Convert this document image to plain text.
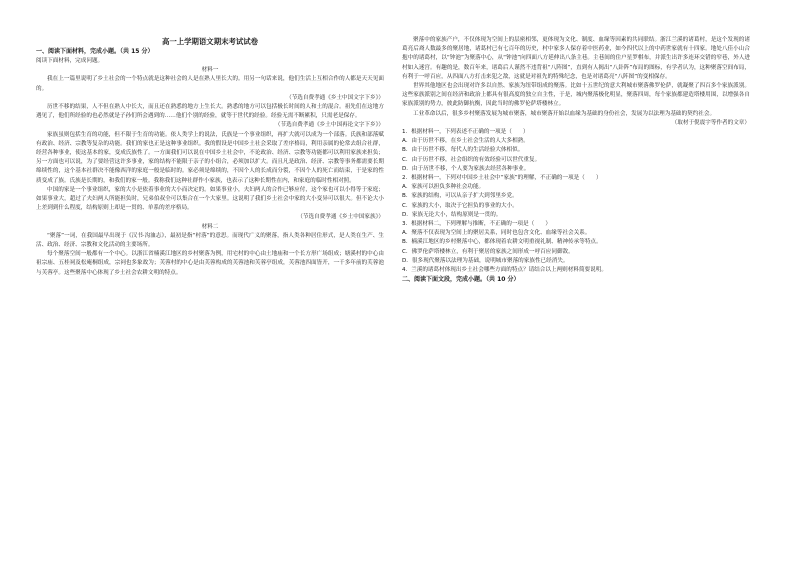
高一上学期语文期末考试试卷
一、阅读下面材料，完成小题。（共 15 分）

阅读下面材料，完成问题。

材料一

我在上一篇里说明了乡土社会的一个特点就是这种社会的人是在熟人里长大的。用另一句话来说，他们生活上互相合作的人都是天天见面的。

（节选自费孝通《乡土中国文字下乡》）

历世不移的结果，人不但在熟人中长大，而且还在熟悉的地方上生长大。熟悉的地方可以包括极长时间的人和土的混合。祖先们在这地方遇见了，他们所经验的也必然就是子孙们所会遇到的……他们个别的经验，就等于世代的经验。经验无需不断累积，只需老是保存。

（节选自费孝通《乡土中国再论文字下乡》）

家族虽则包括生育的功能，但不限于生育的功能。依人类学上的说法，氏族是一个事业组织，再扩大就可以成为一个部落。氏族和部落赋有政治、经济、宗教等复杂的功能。我们的家也正是这种事业组织。我的假设是中国乡土社会采取了差序格局，利用亲属的伦常去组合社群，经营各种事业，使这基本的家，变成氏族性了。一方面我们可以说在中国乡土社会中，不论政治、经济、宗教等功能都可以利用家族来担负；另一方面也可以说，为了要经营这许多事业，家的结构不能限于亲子的小组合，必须加以扩大。而且凡是政治、经济、宗教等事务都需要长期绵续性的，这个基本社群决不能像西洋的家庭一般是临时的。家必须是绵续的，不因个人的长成而分裂，不因个人的死亡而结束，于是家的性质变成了族。氏族是长期的，和我们的家一般。我称我们这种社群作小家族，也表示了这种长期性在内，和家庭的临时性相对照。

中国的家是一个事业组织，家的大小是依着事业的大小而决定的。如果事业小，夫妇两人的合作已够应付，这个家也可以小得等于家庭；如果事业大，超过了夫妇两人所能担负时，兄弟伯叔全可以集合在一个大家里。这说明了我们乡土社会中家的大小变异可以很大。但不论大小上差到到什么程度，结构原则上却是一贯的、单系的差序格局。

（节选自费孝通《乡土中国家族》）

材料二

“聚落”一词，在我国最早出现于《汉书·沟洫志》，最初是指“村落”的意思。而现代广义的聚落，指人类各种居住形式，是人类在生产、生活、政治、经济、宗教和文化活动的主要场所。

每个聚落空间一般都有一个中心。以浙江省楠溪江地区的乡村聚落为例，用宅村的中心由土地庙和一个长方形广场组成；塘溪村的中心由祖宗庙、五桂祠及松庵桐组成，宗祠也多象故为；芙蓉村的中心是由芙蓉构成的芙蓉池和芙蓉亭组成，芙蓉池四面皆开，一千多年前的芙蓉池与芙蓉亭。这些聚落中心体现了乡土社会农耕文明的特点。

聚落中的家族产户，不仅体现为空间上的层密相邻，更体现为文化、制度、血缘等因素的共同联结。浙江兰溪的诸葛村，是这个发现的诸葛亮后裔人数最多的聚居地，诸葛村已有七百年的历史，村中家多人保存着中医药业，如今四代以上的中药世家就有十四家。地处八佳小山合抱中的诸葛村，以“钟池”为聚落中心，从“钟池”向四面八方延伸出八条主巷。主巷间的住户星罗棋布，并派生出许多连环交错的窄巷，外人进村如入迷宫。有趣的是，数百年来，诸葛后人谨然不违背祖“八阵图”，直到有人揭出“八卦阵”布局的图标，有学者认为，这种聚落空间布局，有利于一呼百应，从四面八方打击来犯之敌，这就是对祖先的特殊纪念，也是对诸葛亮“八阵图”的变相保存。

世界其他地区也会出现对许多以自然、家族为纽带组成的聚落。比如十五世纪的意大利城市聚落佛罗伦萨，就凝聚了四百多个家族派别。这些家族派别之间在经济和政治上都具有很高度的独立自主性，于是，城内聚落极化明显，聚落四周，每个家族都建造塔楼用围，以增强各自家族派别的势力，彼此防御抗衡，因此当时的佛罗伦萨塔楼林立。

工业革命以后，很多乡村聚落发展为城市聚落，城市聚落开始以血缘为基础的身份社会，发展为以法理为基础的契约社会。

（取材于倪震宇等作者的文章）

1．根据材料一，下列表述不正确的一项是（　　）

A．由于历世不移，在乡土社会生活的人大多相熟。

B．由于历世不移，每代人的生活经验大体相似。

C．由于历世不移，社会组织的有效经验可以世代重复。

D．由于历世不移，个人要为家族去经营各种事业。

2．根据材料一，下列对中国乡土社会中“家族”的理解，不正确的一项是（　　）

A．家族可以担负多种社会功能。

B．家族的结构，可以从亲子扩大到邻里乡党。

C．家族的大小，取决于它担负的事业的大小。

D．家族无论大小，结构原则是一贯的。

3．根据材料二，下列理解与推断，不正确的一项是（　　）

A．聚落不仅表现为空间上的聚居关系，同时也包含文化、血缘等社会关系。

B．楠溪江地区的乡村聚落中心，都体现着农耕文明重视礼制、精神传承等特点。

C．佛罗伦萨塔楼林立，有利于聚居的家族之间形成一呼百应同御敌。

D．很多现代聚落以法理为基础，说明城市聚落的家族性已经消失。

4．兰溪的诸葛村体现出乡土社会哪些方面的特点？请结合以上两则材料简要说明。

二、阅读下面文段，完成小题。（共 10 分）
